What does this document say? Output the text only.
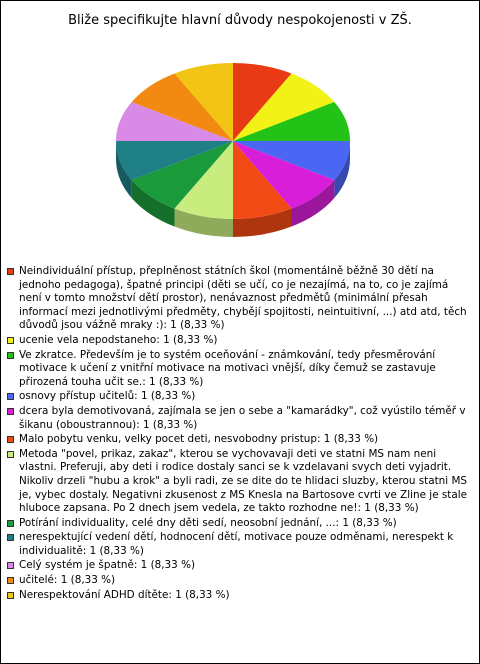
Bliže specifikujte hlavní důvody nespokojenosti v ZŠ.
Neindividuální přístup, přeplněnost státních škol (momentálně běžně 30 dětí na jednoho pedagoga), špatné principi (děti se učí, co je nezajímá, na to, co je zajímá není v tomto množství dětí prostor), nenávaznost předmětů (minimální přesah informací mezi jednotlivými předměty, chybějí spojitosti, neintuitivní, ...) atd atd, těch důvodů jsou vážně mraky :): 1 (8,33 %)
ucenie vela nepodstaneho: 1 (8,33 %)
Ve zkratce. Především je to systém oceňování - známkování, tedy přesměrování motivace k učení z vnitřní motivace na motivaci vnější, díky čemuž se zastavuje přirozená touha učit se.: 1 (8,33 %)
osnovy přístup učitelů: 1 (8,33 %)
dcera byla demotivovaná, zajímala se jen o sebe a "kamarádky", což vyústilo téměř v šikanu (oboustrannou): 1 (8,33 %)
Malo pobytu venku, velky pocet deti, nesvobodny pristup: 1 (8,33 %)
Metoda "povel, prikaz, zakaz", kterou se vychovavaji deti ve statni MS nam neni vlastni. Preferuji, aby deti i rodice dostaly sanci se k vzdelavani svych deti vyjadrit. Nikoliv drzeli "hubu a krok" a byli radi, ze se dite do te hlidaci sluzby, kterou statni MS je, vybec dostaly. Negativni zkusenost z MS Knesla na Bartosove cvrti ve Zline je stale hluboce zapsana. Po 2 dnech jsem vedela, ze takto rozhodne ne!: 1 (8,33 %)
Potírání individuality, celé dny děti sedí, neosobní jednání, ...: 1 (8,33 %)
nerespektující vedení dětí, hodnocení dětí, motivace pouze odměnami, nerespekt k individualitě: 1 (8,33 %)
Celý systém je špatně: 1 (8,33 %)
učitelé: 1 (8,33 %)
Nerespektování ADHD dítěte: 1 (8,33 %)
